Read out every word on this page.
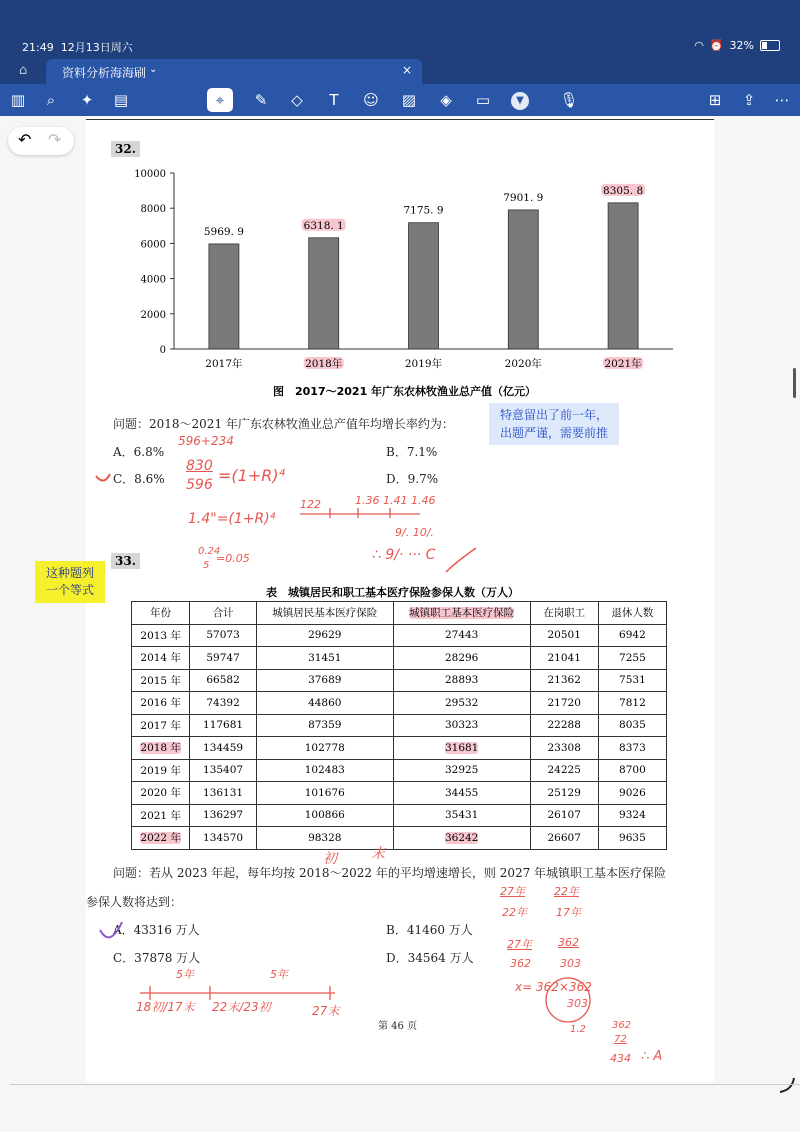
21:49 12月13日周六	◠ ⏰ 32%
⌂	资料分析海海刷 ⌄	×
▥	⌕	✦	▤	⌖	✎	◇	T	☺ ▨	◈	▭	▼	🎙	⊞	⇪	⋯
↶ ↷	32.
0
2000
4000
6000
8000
10000
5969. 9
2017年
6318. 1
2018年
7175. 9
2019年
7901. 9
2020年
8305. 8
2021年
图　2017～2021 年广东农林牧渔业总产值（亿元）
问题：2018～2021 年广东农林牧渔业总产值年均增长率约为：
A．6.8%	B．7.1%
C．8.6%	D．9.7%
33.
表　城镇居民和职工基本医疗保险参保人数（万人）
年份	合计	城镇居民基本医疗保险	城镇职工基本医疗保险	在岗职工	退休人数
2013 年	57073	29629	27443	20501	6942
2014 年	59747	31451	28296	21041	7255
2015 年	66582	37689	28893	21362	7531
2016 年	74392	44860	29532	21720	7812
2017 年	117681	87359	30323	22288	8035
2018 年	134459	102778	31681	23308	8373
2019 年	135407	102483	32925	24225	8700
2020 年	136131	101676	34455	25129	9026
2021 年	136297	100866	35431	26107	9324
2022 年	134570	98328	36242	26607	9635
问题：若从 2023 年起，每年均按 2018～2022 年的平均增速增长，则 2027 年城镇职工基本医疗保险
参保人数将达到：
A．43316 万人	B．41460 万人
C．37878 万人	D．34564 万人
第 46 页
特意留出了前一年，
出题严谨，需要前推
这种题列
一个等式
596+234
830
596 =(1+R)⁴
1.4"=(1+R)⁴
122	1.36 1.41 1.46
9/. 10/.
0.24
5
=0.05	∴ 9/· ··· C
初 末
27年
22年
22年
17年
27年
362
362
303
x= 362×362
303
1.2	362
72
434 ∴ A
5年	5年
18初/17末 22末/23初	27末
